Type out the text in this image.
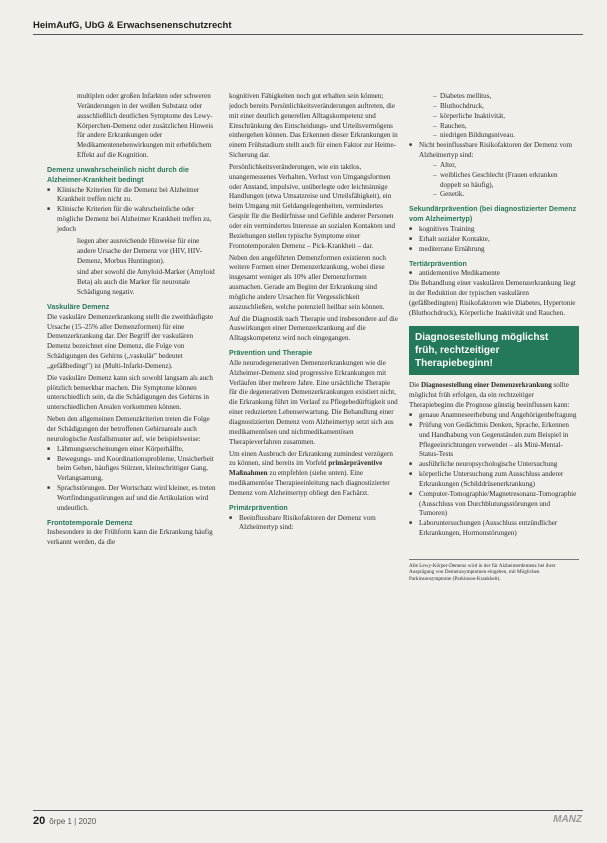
HeimAufG, UbG & Erwachsenenschutzrecht

multiplen oder großen Infarkten oder schweren Veränderungen in der weißen Substanz oder ausschließlich deutlichen Symptome des Lewy-Körperchen-Demenz oder zusätzlichen Hinweis für andere Erkrankungen oder Medikamentenebenwirkungen mit erheblichem Effekt auf die Kognition.

Demenz unwahrscheinlich nicht durch die Alzheimer-Krankheit bedingt
■ Klinische Kriterien für die Demenz bei Alzheimer Krankheit treffen nicht zu.
■ Klinische Kriterien für die wahrscheinliche oder mögliche Demenz bei Alzheimer Krankheit treffen zu, jedoch

liegen aber ausreichende Hinweise für eine andere Ursache der Demenz vor (HIV, HIV-Demenz, Morbus Huntington).

sind aber sowohl die Amyloid-Marker (Amyloid Beta) als auch die Marker für neuronale Schädigung negativ.

Vaskuläre Demenz

Die vaskuläre Demenzerkrankung stellt die zweithäufigste Ursache (15–25% aller Demenzformen) für eine Demenzerkrankung dar. Der Begriff der vaskulären Demenz bezeichnet eine Demenz, die Folge von Schädigungen des Gehirns („vaskulär" bedeutet „gefäßbedingt") ist (Multi-Infarkt-Demenz).

Die vaskuläre Demenz kann sich sowohl langsam als auch plötzlich bemerkbar machen. Die Symptome können unterschiedlich sein, da die Schädigungen des Gehirns in unterschiedlichen Arealen vorkommen können.

Neben den allgemeinen Demenzkriterien treten die Folge der Schädigungen der betroffenen Gehirnareale auch neurologische Ausfallsmuster auf, wie beispielsweise:

■ Lähmungserscheinungen einer Körperhälfte,
■ Bewegungs- und Koordinationsprobleme, Unsicherheit beim Gehen, häufiges Stürzen, kleinschrittiger Gang, Verlangsamung,
■ Sprachstörungen. Der Wortschatz wird kleiner, es treten Wortfindungsstörungen auf und die Artikulation wird undeutlich.
Frontotemporale Demenz

Insbesondere in der Frühform kann die Erkrankung häufig verkannt werden, da die

kognitiven Fähigkeiten noch gut erhalten sein können; jedoch bereits Persönlichkeitsveränderungen auftreten, die mit einer deutlich generellen Alltagskompetenz und Einschränkung des Entscheidungs- und Urteilsvermögens einhergehen können. Das Erkennen dieser Erkrankungen in einem Frühstadium stellt auch für einen Faktor zur Heime- Sicherung dar.

Persönlichkeitsveränderungen, wie ein taktlos, unangemessenes Verhalten, Verlust von Umgangsformen oder Anstand, impulsive, unüberlegte oder leichtsinnige Handlungen (etwa Umsatzreise und Urteilsfähigkeit), ein beim Umgang mit Geldangelegenheiten, vermindertes Gespür für die Bedürfnisse und Gefühle anderer Personen oder ein vermindertes Interesse an sozialen Kontakten und Beziehungen stellen typische Symptome einer Frontotemporalen Demenz – Pick-Krankheit – dar.

Neben den angeführten Demenzformen existieren noch weitere Formen einer Demenzerkrankung, wobei diese insgesamt weniger als 10% aller Demenzformen ausmachen. Gerade am Beginn der Erkrankung sind mögliche andere Ursachen für Vergesslichkeit auszuschließen, welche potenziell heilbar sein können.

Auf die Diagnostik nach Therapie und insbesondere auf die Auswirkungen einer Demenzerkrankung auf die Alltagskompetenz wird noch eingegangen.

Prävention und Therapie

Alle neurodegenerativen Demenzerkrankungen wie die Alzheimer-Demenz sind progressive Erkrankungen mit Verläufen über mehrere Jahre. Eine ursächliche Therapie für die degenerativen Demenzerkrankungen existiert nicht, die Erkrankung führt im Verlauf zu Pflegebedürftigkeit und einer reduzierten Lebenserwartung. Die Behandlung einer diagnostizierten Demenz vom Alzheimertyp setzt sich aus medikamentösen und nichtmedikamentösen Therapieverfahren zusammen.

Um einen Ausbruch der Erkrankung zumindest verzögern zu können, sind bereits im Vorfeld primärpräventive Maßnahmen zu empfehlen (siehe unten). Eine medikamentöse Therapieeinleitung nach diagnostizierter Demenz vom Alzheimertyp obliegt den Fachärzt.

Primärprävention
■ Beeinflussbare Risikofaktoren der Demenz vom Alzheimertyp sind:
– Diabetes mellitus,
– Bluthochdruck,
– körperliche Inaktivität,
– Rauchen,
– niedrigen Bildungsniveau.
■ Nicht beeinflussbare Risikofaktoren der Demenz vom Alzheimertyp sind:
– Alter,
– weibliches Geschlecht (Frauen erkranken doppelt so häufig),
– Genetik.
Sekundärprävention (bei diagnostizierter Demenz vom Alzheimertyp)
■ kognitives Training
■ Erhalt sozialer Kontakte,
■ mediterrane Ernährung
Tertiärprävention
■ antidementive Medikamente

Die Behandlung einer vaskulären Demenzerkrankung liegt in der Reduktion der typischen vaskulären (gefäßbedingten) Risikofaktoren wie Diabetes, Hypertonie (Bluthochdruck), Körperliche Inaktivität und Rauchen.

Diagnosestellung möglichst früh, rechtzeitiger Therapiebeginn!

Die Diagnosestellung einer Demenzerkrankung sollte möglichst früh erfolgen, da ein rechtzeitiger Therapiebeginn die Prognose günstig beeinflussen kann:

■ genaue Anamneseerhebung und Angehörigenbefragung
■ Prüfung von Gedächtnis Denken, Sprache, Erkennen und Handhabung von Gegenständen zum Beispiel in Pflegeeinrichtungen verwendet – als Mini-Mental-Status-Tests
■ ausführliche neuropsychologische Untersuchung
■ körperliche Untersuchung zum Ausschluss anderer Erkrankungen (Schilddrüsenerkrankung)
■ Computer-Tomographie/Magnetresonanz-Tomographie (Ausschluss von Durchblutungsstörungen und Tumoren)
■ Laboruntersuchungen (Ausschluss entzündlicher Erkrankungen, Hormonstörungen)
Alle Lewy-Körper-Demenz wird in der für Alzheimerdemenz bei ihrer Ausprägung von Demenzsymptomen eingehen, mit Möglichen Parkinsonsymptome (Parkinson-Krankheit).
20 õrpe 1 | 2020	MANZ
